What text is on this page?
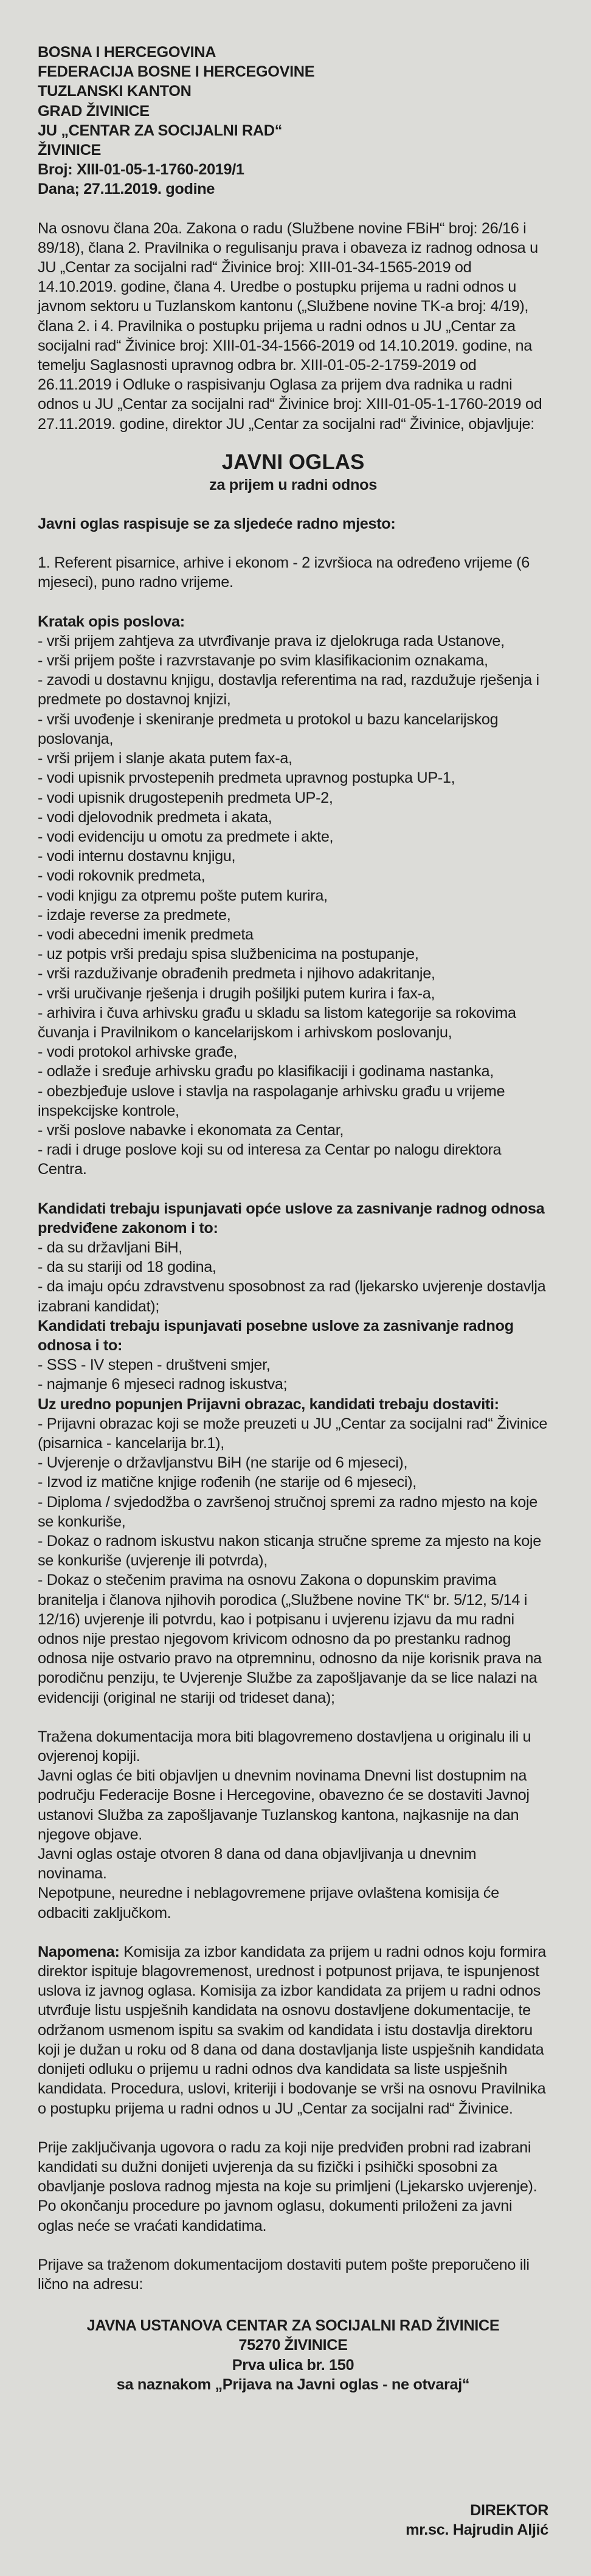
BOSNA I HERCEGOVINA
FEDERACIJA BOSNE I HERCEGOVINE
TUZLANSKI KANTON
GRAD ŽIVINICE
JU „CENTAR ZA SOCIJALNI RAD“
ŽIVINICE
Broj: XIII-01-05-1-1760-2019/1
Dana; 27.11.2019. godine
Na osnovu člana 20a. Zakona o radu (Službene novine FBiH“ broj: 26/16 i 89/18), člana 2. Pravilnika o regulisanju prava i obaveza iz radnog odnosa u JU „Centar za socijalni rad“ Živinice broj: XIII-01-34-1565-2019 od 14.10.2019. godine, člana 4. Uredbe o postupku prijema u radni odnos u javnom sektoru u Tuzlanskom kantonu („Službene novine TK-a broj: 4/19), člana 2. i 4. Pravilnika o postupku prijema u radni odnos u JU „Centar za socijalni rad“ Živinice broj: XIII-01-34-1566-2019 od 14.10.2019. godine, na temelju Saglasnosti upravnog odbra br. XIII-01-05-2-1759-2019 od 26.11.2019 i Odluke o raspisivanju Oglasa za prijem dva radnika u radni odnos u JU „Centar za socijalni rad“ Živinice broj: XIII-01-05-1-1760-2019 od 27.11.2019. godine, direktor JU „Centar za socijalni rad“ Živinice, objavljuje:
JAVNI OGLAS
za prijem u radni odnos
Javni oglas raspisuje se za sljedeće radno mjesto:
1. Referent pisarnice, arhive i ekonom - 2 izvršioca na određeno vrijeme (6 mjeseci), puno radno vrijeme.
Kratak opis poslova:
- vrši prijem zahtjeva za utvrđivanje prava iz djelokruga rada Ustanove,
- vrši prijem pošte i razvrstavanje po svim klasifikacionim oznakama,
- zavodi u dostavnu knjigu, dostavlja referentima na rad, razdužuje rješenja i predmete po dostavnoj knjizi,
- vrši uvođenje i skeniranje predmeta u protokol u bazu kancelarijskog poslovanja,
- vrši prijem i slanje akata putem fax-a,
- vodi upisnik prvostepenih predmeta upravnog postupka UP-1,
- vodi upisnik drugostepenih predmeta UP-2,
- vodi djelovodnik predmeta i akata,
- vodi evidenciju u omotu za predmete i akte,
- vodi internu dostavnu knjigu,
- vodi rokovnik predmeta,
- vodi knjigu za otpremu pošte putem kurira,
- izdaje reverse za predmete,
- vodi abecedni imenik predmeta
- uz potpis vrši predaju spisa službenicima na postupanje,
- vrši razduživanje obrađenih predmeta i njihovo adakritanje,
- vrši uručivanje rješenja i drugih pošiljki putem kurira i fax-a,
- arhivira i čuva arhivsku građu u skladu sa listom kategorije sa rokovima čuvanja i Pravilnikom o kancelarijskom i arhivskom poslovanju,
- vodi protokol arhivske građe,
- odlaže i sređuje arhivsku građu po klasifikaciji i godinama nastanka,
- obezbjeđuje uslove i stavlja na raspolaganje arhivsku građu u vrijeme inspekcijske kontrole,
- vrši poslove nabavke i ekonomata za Centar,
- radi i druge poslove koji su od interesa za Centar po nalogu direktora Centra.
Kandidati trebaju ispunjavati opće uslove za zasnivanje radnog odnosa predviđene zakonom i to:
- da su državljani BiH,
- da su stariji od 18 godina,
- da imaju opću zdravstvenu sposobnost za rad (ljekarsko uvjerenje dostavlja izabrani kandidat);
Kandidati trebaju ispunjavati posebne uslove za zasnivanje radnog odnosa i to:
- SSS - IV stepen - društveni smjer,
- najmanje 6 mjeseci radnog iskustva;
Uz uredno popunjen Prijavni obrazac, kandidati trebaju dostaviti:
- Prijavni obrazac koji se može preuzeti u JU „Centar za socijalni rad“ Živinice (pisarnica - kancelarija br.1),
- Uvjerenje o državljanstvu BiH (ne starije od 6 mjeseci),
- Izvod iz matične knjige rođenih (ne starije od 6 mjeseci),
- Diploma / svjedodžba o završenoj stručnoj spremi za radno mjesto na koje se konkuriše,
- Dokaz o radnom iskustvu nakon sticanja stručne spreme za mjesto na koje se konkuriše (uvjerenje ili potvrda),
- Dokaz o stečenim pravima na osnovu Zakona o dopunskim pravima branitelja i članova njihovih porodica („Službene novine TK“ br. 5/12, 5/14 i 12/16) uvjerenje ili potvrdu, kao i potpisanu i uvjerenu izjavu da mu radni odnos nije prestao njegovom krivicom odnosno da po prestanku radnog odnosa nije ostvario pravo na otpremninu, odnosno da nije korisnik prava na porodičnu penziju, te Uvjerenje Službe za zapošljavanje da se lice nalazi na evidenciji (original ne stariji od trideset dana);
Tražena dokumentacija mora biti blagovremeno dostavljena u originalu ili u ovjerenoj kopiji.
Javni oglas će biti objavljen u dnevnim novinama Dnevni list dostupnim na području Federacije Bosne i Hercegovine, obavezno će se dostaviti Javnoj ustanovi Služba za zapošljavanje Tuzlanskog kantona, najkasnije na dan njegove objave.
Javni oglas ostaje otvoren 8 dana od dana objavljivanja u dnevnim novinama.
Nepotpune, neuredne i neblagovremene prijave ovlaštena komisija će odbaciti zaključkom.
Napomena: Komisija za izbor kandidata za prijem u radni odnos koju formira direktor ispituje blagovremenost, urednost i potpunost prijava, te ispunjenost uslova iz javnog oglasa. Komisija za izbor kandidata za prijem u radni odnos utvrđuje listu uspješnih kandidata na osnovu dostavljene dokumentacije, te održanom usmenom ispitu sa svakim od kandidata i istu dostavlja direktoru koji je dužan u roku od 8 dana od dana dostavljanja liste uspješnih kandidata donijeti odluku o prijemu u radni odnos dva kandidata sa liste uspješnih kandidata. Procedura, uslovi, kriteriji i bodovanje se vrši na osnovu Pravilnika o postupku prijema u radni odnos u JU „Centar za socijalni rad“ Živinice.
Prije zaključivanja ugovora o radu za koji nije predviđen probni rad izabrani kandidati su dužni donijeti uvjerenja da su fizički i psihički sposobni za obavljanje poslova radnog mjesta na koje su primljeni (Ljekarsko uvjerenje). Po okončanju procedure po javnom oglasu, dokumenti priloženi za javni oglas neće se vraćati kandidatima.
Prijave sa traženom dokumentacijom dostaviti putem pošte preporučeno ili lično na adresu:
JAVNA USTANOVA CENTAR ZA SOCIJALNI RAD ŽIVINICE
75270 ŽIVINICE
Prva ulica br. 150
sa naznakom „Prijava na Javni oglas - ne otvaraj“
DIREKTOR
mr.sc. Hajrudin Aljić
